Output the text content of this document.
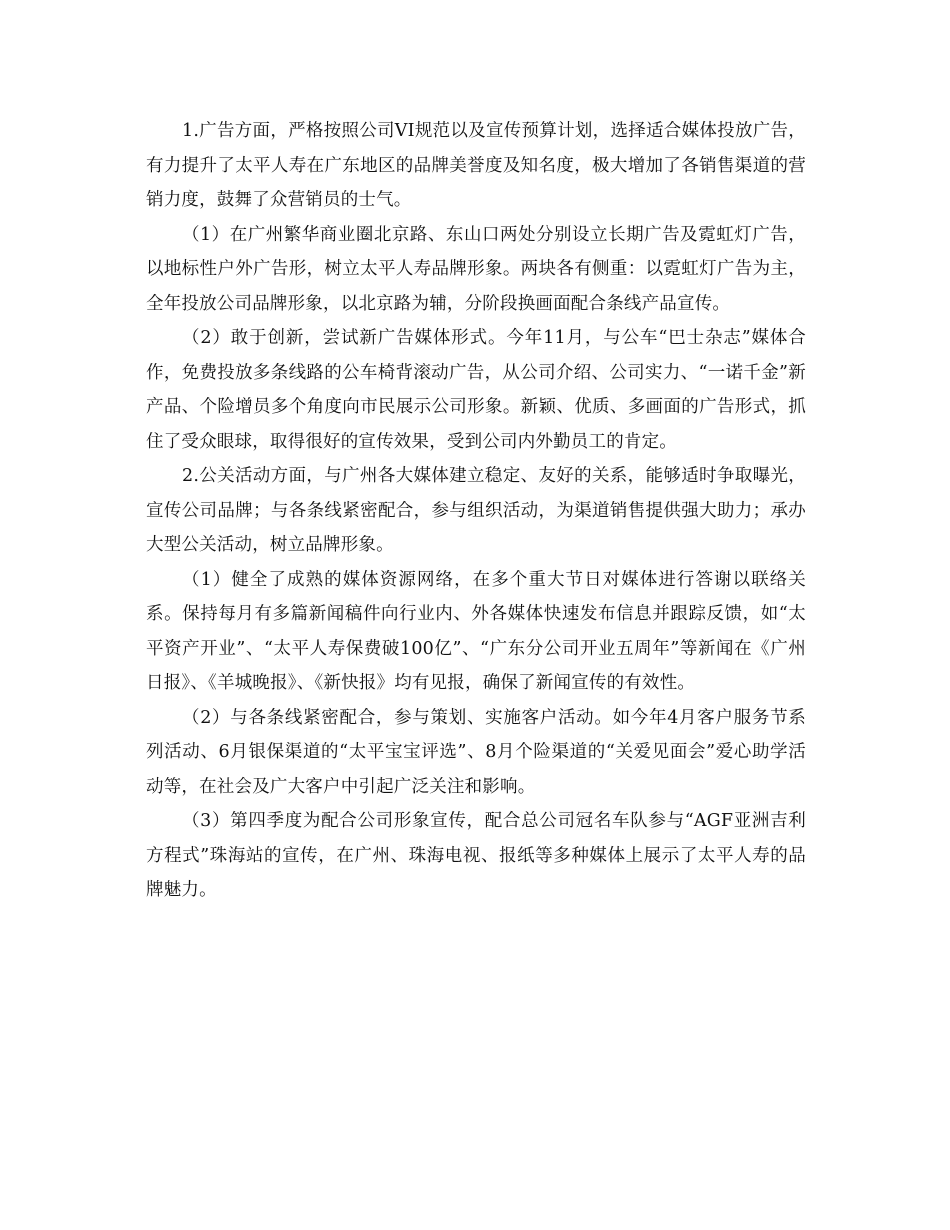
1.广告方面，严格按照公司VI规范以及宣传预算计划，选择适合媒体投放广告，有力提升了太平人寿在广东地区的品牌美誉度及知名度，极大增加了各销售渠道的营销力度，鼓舞了众营销员的士气。

（1）在广州繁华商业圈北京路、东山口两处分别设立长期广告及霓虹灯广告，以地标性户外广告形，树立太平人寿品牌形象。两块各有侧重：以霓虹灯广告为主，全年投放公司品牌形象，以北京路为辅，分阶段换画面配合条线产品宣传。

（2）敢于创新，尝试新广告媒体形式。今年11月，与公车“巴士杂志”媒体合作，免费投放多条线路的公车椅背滚动广告，从公司介绍、公司实力、“一诺千金”新产品、个险增员多个角度向市民展示公司形象。新颖、优质、多画面的广告形式，抓住了受众眼球，取得很好的宣传效果，受到公司内外勤员工的肯定。

2.公关活动方面，与广州各大媒体建立稳定、友好的关系，能够适时争取曝光，宣传公司品牌；与各条线紧密配合，参与组织活动，为渠道销售提供强大助力；承办大型公关活动，树立品牌形象。

（1）健全了成熟的媒体资源网络，在多个重大节日对媒体进行答谢以联络关系。保持每月有多篇新闻稿件向行业内、外各媒体快速发布信息并跟踪反馈，如“太平资产开业”、“太平人寿保费破100亿”、“广东分公司开业五周年”等新闻在《广州日报》、《羊城晚报》、《新快报》均有见报，确保了新闻宣传的有效性。

（2）与各条线紧密配合，参与策划、实施客户活动。如今年4月客户服务节系列活动、6月银保渠道的“太平宝宝评选”、8月个险渠道的“关爱见面会”爱心助学活动等，在社会及广大客户中引起广泛关注和影响。

（3）第四季度为配合公司形象宣传，配合总公司冠名车队参与“AGF亚洲吉利方程式”珠海站的宣传，在广州、珠海电视、报纸等多种媒体上展示了太平人寿的品牌魅力。
